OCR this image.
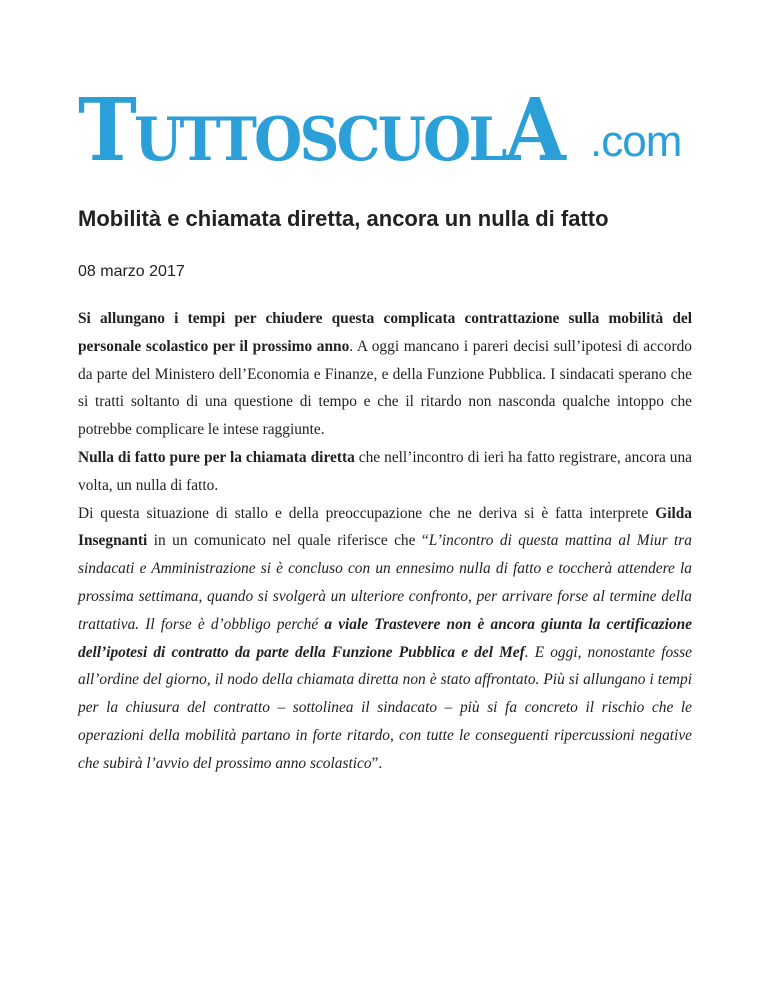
TUTTOSCUOLA .com
Mobilità e chiamata diretta, ancora un nulla di fatto

08 marzo 2017

Si allungano i tempi per chiudere questa complicata contrattazione sulla mobilità del personale scolastico per il prossimo anno. A oggi mancano i pareri decisi sull’ipotesi di accordo da parte del Ministero dell’Economia e Finanze, e della Funzione Pubblica. I sindacati sperano che si tratti soltanto di una questione di tempo e che il ritardo non nasconda qualche intoppo che potrebbe complicare le intese raggiunte.

Nulla di fatto pure per la chiamata diretta che nell’incontro di ieri ha fatto registrare, ancora una volta, un nulla di fatto.

Di questa situazione di stallo e della preoccupazione che ne deriva si è fatta interprete Gilda Insegnanti in un comunicato nel quale riferisce che “L’incontro di questa mattina al Miur tra sindacati e Amministrazione si è concluso con un ennesimo nulla di fatto e toccherà attendere la prossima settimana, quando si svolgerà un ulteriore confronto, per arrivare forse al termine della trattativa. Il forse è d’obbligo perché a viale Trastevere non è ancora giunta la certificazione dell’ipotesi di contratto da parte della Funzione Pubblica e del Mef. E oggi, nonostante fosse all’ordine del giorno, il nodo della chiamata diretta non è stato affrontato. Più si allungano i tempi per la chiusura del contratto – sottolinea il sindacato – più si fa concreto il rischio che le operazioni della mobilità partano in forte ritardo, con tutte le conseguenti ripercussioni negative che subirà l’avvio del prossimo anno scolastico”.
